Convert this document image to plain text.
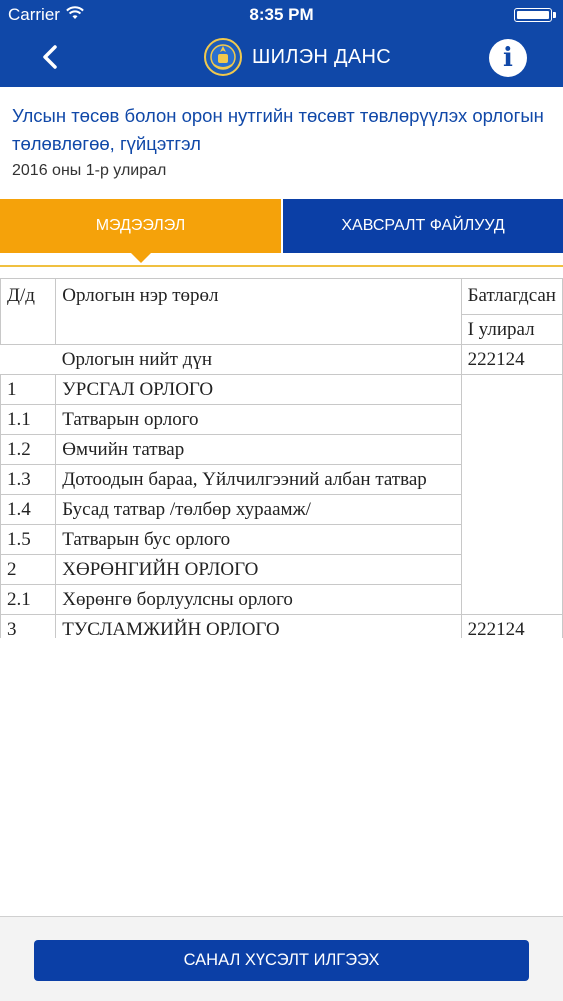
Carrier	8:35 PM
ШИЛЭН ДАНС	i
Улсын төсөв болон орон нутгийн төсөвт төвлөрүүлэх орлогын төлөвлөгөө, гүйцэтгэл
2016 оны 1-р улирал
МЭДЭЭЛЭЛ	ХАВСРАЛТ ФАЙЛУУД
Д/д	Орлогын нэр төрөл	Батлагдсан
		I улирал
	Орлогын нийт дүн	222124
1	УРСГАЛ ОРЛОГО	
1.1	Татварын орлого	
1.2	Өмчийн татвар	
1.3	Дотоодын бараа, Үйлчилгээний албан татвар	
1.4	Бусад татвар /төлбөр хураамж/	
1.5	Татварын бус орлого	
2	ХӨРӨНГИЙН ОРЛОГО	
2.1	Хөрөнгө борлуулсны орлого	
3	ТУСЛАМЖИЙН ОРЛОГО	222124
САНАЛ ХҮСЭЛТ ИЛГЭЭХ
